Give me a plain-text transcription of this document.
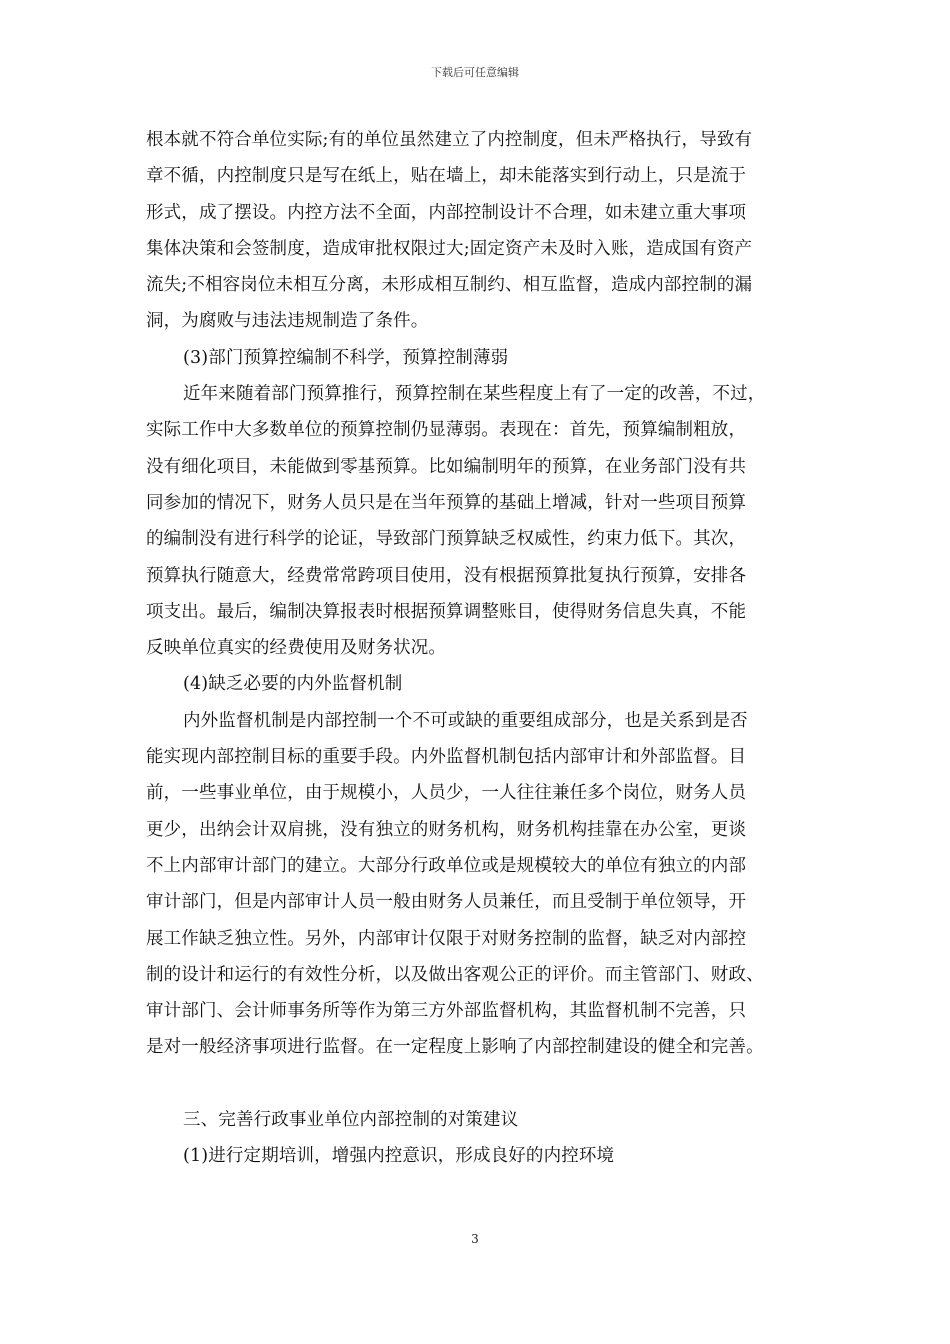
下载后可任意编辑
根本就不符合单位实际;有的单位虽然建立了内控制度，但未严格执行，导致有
章不循，内控制度只是写在纸上，贴在墙上，却未能落实到行动上，只是流于
形式，成了摆设。内控方法不全面，内部控制设计不合理，如未建立重大事项
集体决策和会签制度，造成审批权限过大;固定资产未及时入账，造成国有资产
流失;不相容岗位未相互分离，未形成相互制约、相互监督，造成内部控制的漏
洞，为腐败与违法违规制造了条件。
(3)部门预算控编制不科学，预算控制薄弱
近年来随着部门预算推行，预算控制在某些程度上有了一定的改善，不过，
实际工作中大多数单位的预算控制仍显薄弱。表现在：首先，预算编制粗放，
没有细化项目，未能做到零基预算。比如编制明年的预算，在业务部门没有共
同参加的情况下，财务人员只是在当年预算的基础上增减，针对一些项目预算
的编制没有进行科学的论证，导致部门预算缺乏权威性，约束力低下。其次，
预算执行随意大，经费常常跨项目使用，没有根据预算批复执行预算，安排各
项支出。最后，编制决算报表时根据预算调整账目，使得财务信息失真，不能
反映单位真实的经费使用及财务状况。
(4)缺乏必要的内外监督机制
内外监督机制是内部控制一个不可或缺的重要组成部分，也是关系到是否
能实现内部控制目标的重要手段。内外监督机制包括内部审计和外部监督。目
前，一些事业单位，由于规模小，人员少，一人往往兼任多个岗位，财务人员
更少，出纳会计双肩挑，没有独立的财务机构，财务机构挂靠在办公室，更谈
不上内部审计部门的建立。大部分行政单位或是规模较大的单位有独立的内部
审计部门，但是内部审计人员一般由财务人员兼任，而且受制于单位领导，开
展工作缺乏独立性。另外，内部审计仅限于对财务控制的监督，缺乏对内部控
制的设计和运行的有效性分析，以及做出客观公正的评价。而主管部门、财政、
审计部门、会计师事务所等作为第三方外部监督机构，其监督机制不完善，只
是对一般经济事项进行监督。在一定程度上影响了内部控制建设的健全和完善。
三、完善行政事业单位内部控制的对策建议
(1)进行定期培训，增强内控意识，形成良好的内控环境
3
